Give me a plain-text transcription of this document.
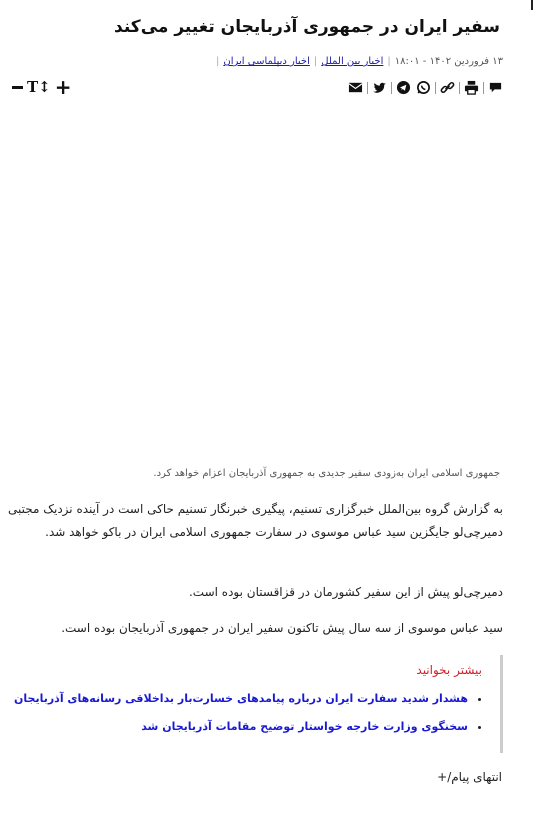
سفیر ایران در جمهوری آذربایجان تغییر می‌کند
۱۳ فروردین ۱۴۰۲ - ۱۸:۰۱
|
اخبار بین الملل
|
اخبار دیپلماسی ایران
|
T↕ +
جمهوری اسلامی ایران به‌زودی سفیر جدیدی به جمهوری آذربایجان اعزام خواهد کرد.

به گزارش گروه بین‌الملل خبرگزاری تسنیم، پیگیری خبرنگار تسنیم حاکی است در آینده نزدیک مجتبی دمیرچی‌لو جایگزین سید عباس موسوی در سفارت جمهوری اسلامی ایران در باکو خواهد شد.

دمیرچی‌لو پیش از این سفیر کشورمان در قزاقستان بوده است.

سید عباس موسوی از سه سال پیش تاکنون سفیر ایران در جمهوری آذربایجان بوده است.

بیشتر بخوانید
• هشدار شدید سفارت ایران درباره پیامدهای خسارت‌بار بداخلاقی رسانه‌های آذربایجان
• سخنگوی وزارت خارجه خواستار توضیح مقامات آذربایجان شد
انتهای پیام/+
